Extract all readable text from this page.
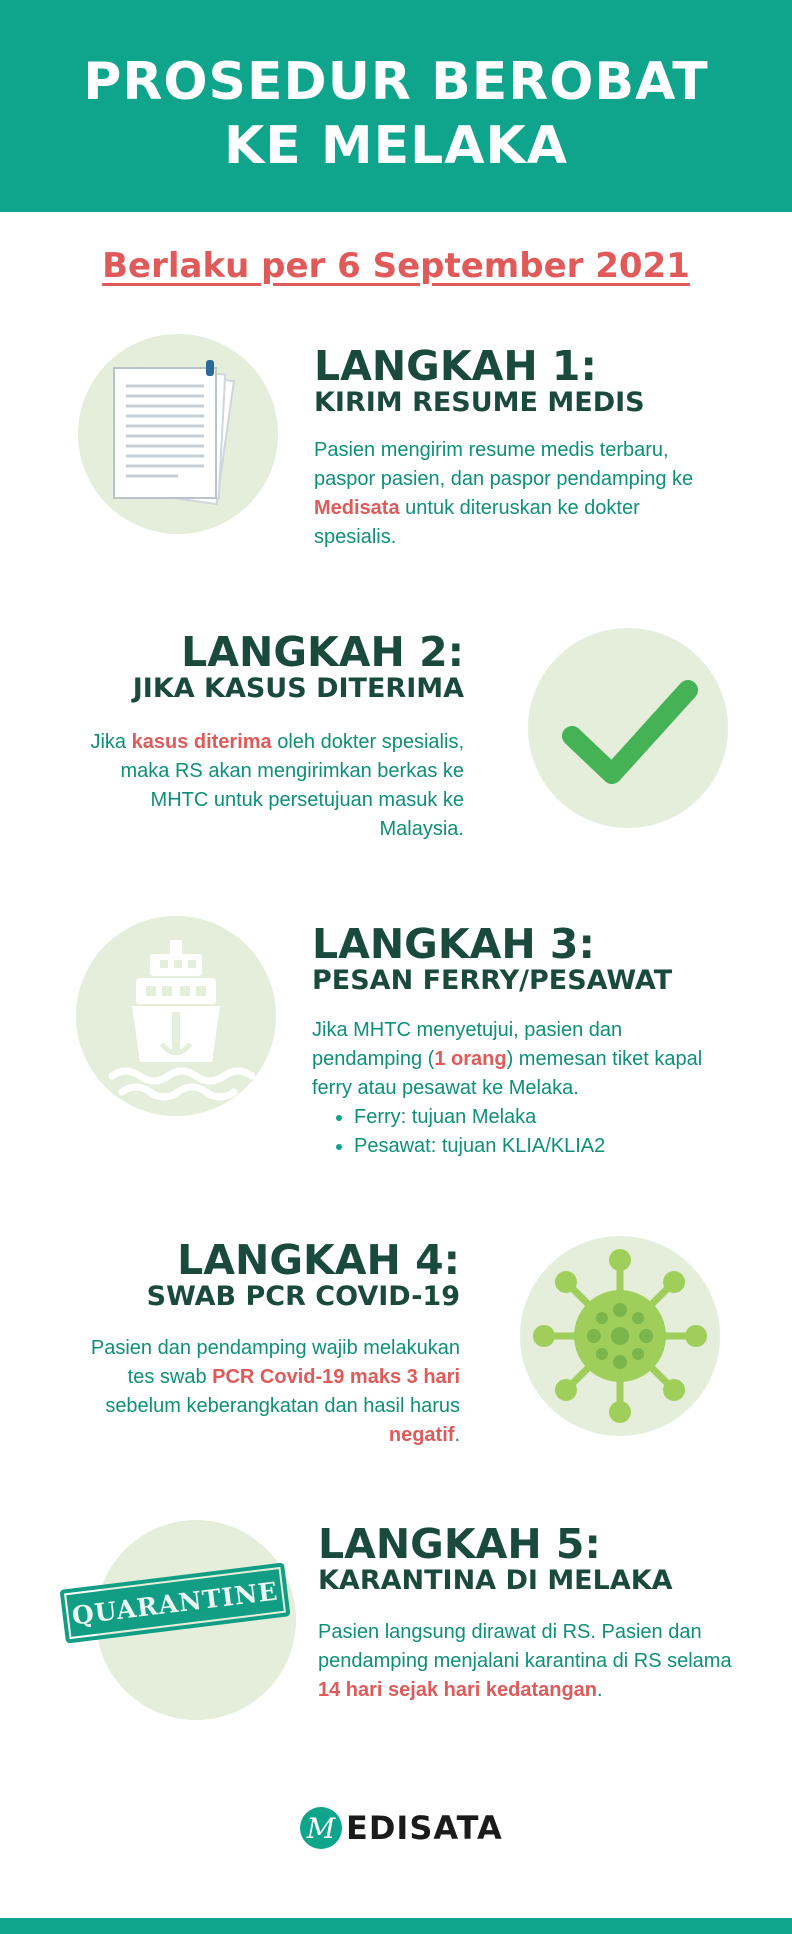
PROSEDUR BEROBAT
KE MELAKA
Berlaku per 6 September 2021
LANGKAH 1:
KIRIM RESUME MEDIS
Pasien mengirim resume medis terbaru, paspor pasien, dan paspor pendamping ke Medisata untuk diteruskan ke dokter spesialis.
LANGKAH 2:
JIKA KASUS DITERIMA
Jika kasus diterima oleh dokter spesialis, maka RS akan mengirimkan berkas ke MHTC untuk persetujuan masuk ke Malaysia.
LANGKAH 3:
PESAN FERRY/PESAWAT
Jika MHTC menyetujui, pasien dan pendamping (1 orang) memesan tiket kapal ferry atau pesawat ke Melaka.
• Ferry: tujuan Melaka
• Pesawat: tujuan KLIA/KLIA2
LANGKAH 4:
SWAB PCR COVID-19
Pasien dan pendamping wajib melakukan tes swab PCR Covid-19 maks 3 hari sebelum keberangkatan dan hasil harus negatif.
QUARANTINE
LANGKAH 5:
KARANTINA DI MELAKA
Pasien langsung dirawat di RS. Pasien dan pendamping menjalani karantina di RS selama 14 hari sejak hari kedatangan.
M EDISATA
